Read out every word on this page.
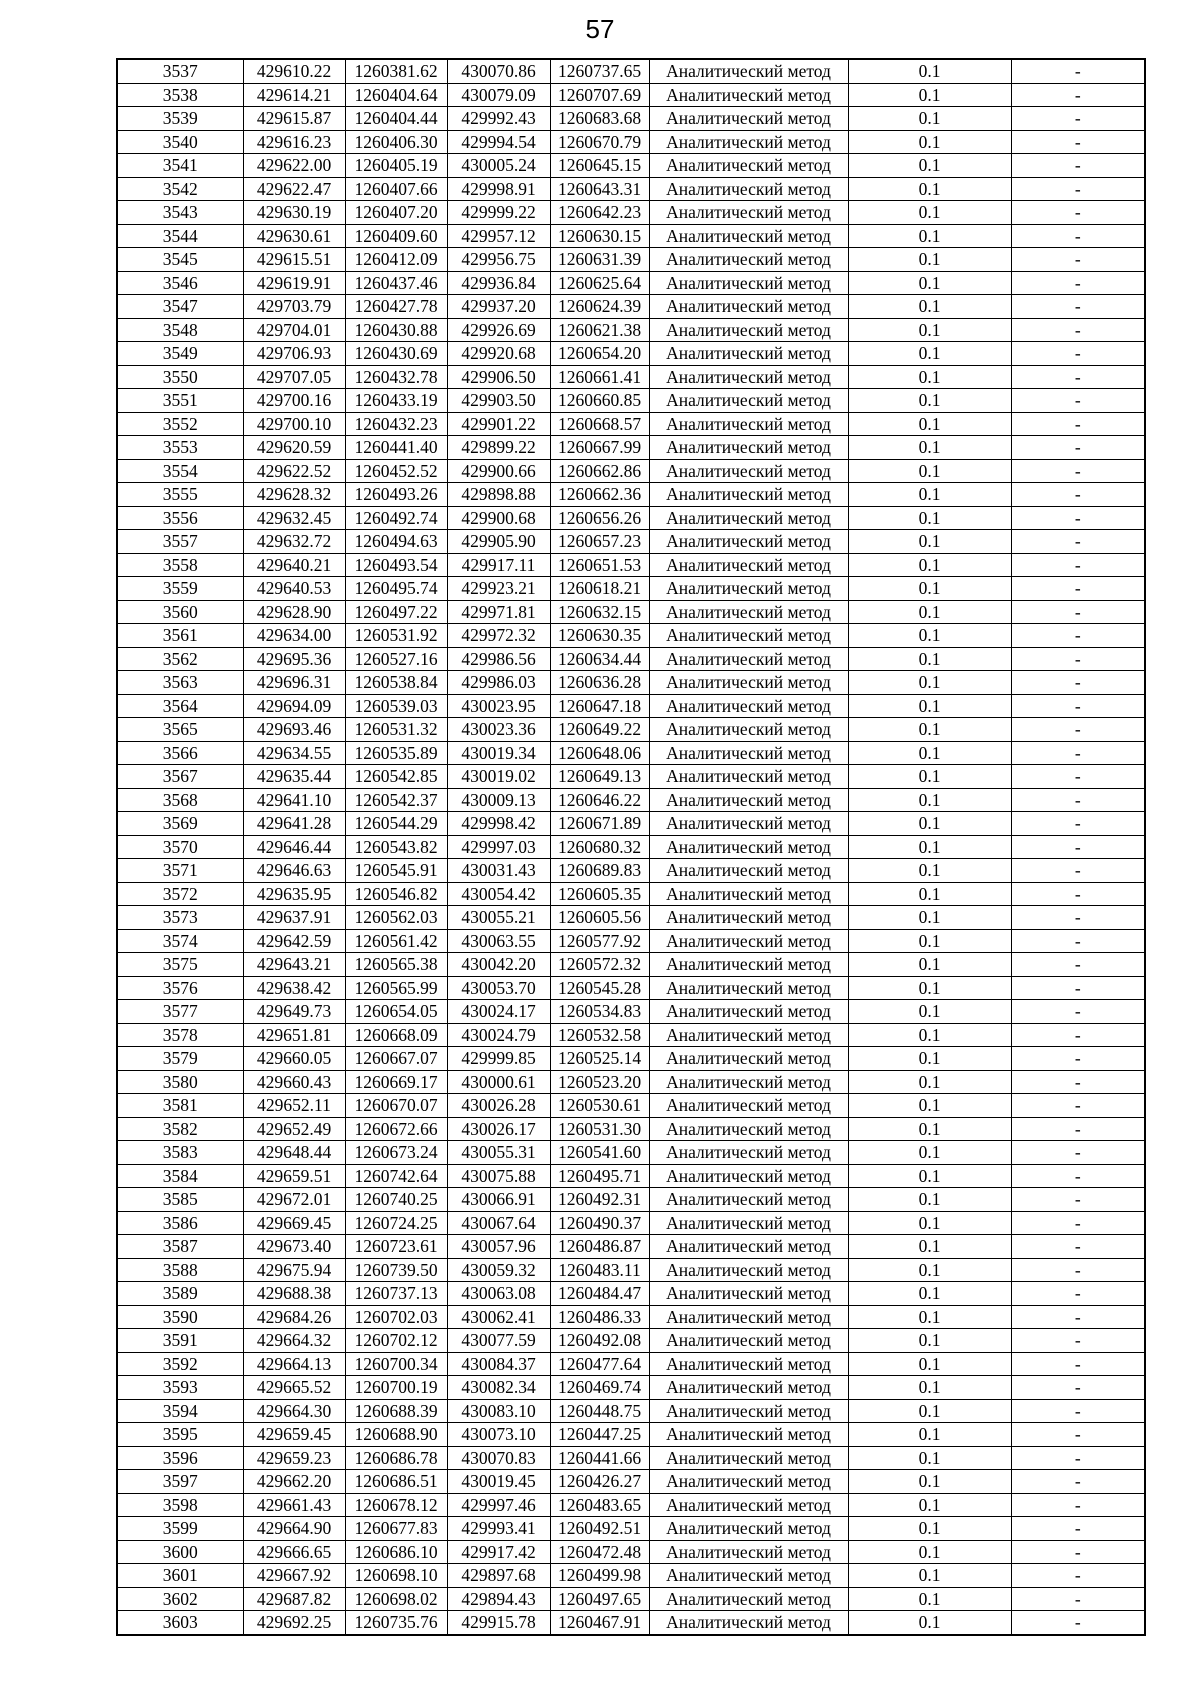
57
3537	429610.22	1260381.62	430070.86	1260737.65	Аналитический метод	0.1	-
3538	429614.21	1260404.64	430079.09	1260707.69	Аналитический метод	0.1	-
3539	429615.87	1260404.44	429992.43	1260683.68	Аналитический метод	0.1	-
3540	429616.23	1260406.30	429994.54	1260670.79	Аналитический метод	0.1	-
3541	429622.00	1260405.19	430005.24	1260645.15	Аналитический метод	0.1	-
3542	429622.47	1260407.66	429998.91	1260643.31	Аналитический метод	0.1	-
3543	429630.19	1260407.20	429999.22	1260642.23	Аналитический метод	0.1	-
3544	429630.61	1260409.60	429957.12	1260630.15	Аналитический метод	0.1	-
3545	429615.51	1260412.09	429956.75	1260631.39	Аналитический метод	0.1	-
3546	429619.91	1260437.46	429936.84	1260625.64	Аналитический метод	0.1	-
3547	429703.79	1260427.78	429937.20	1260624.39	Аналитический метод	0.1	-
3548	429704.01	1260430.88	429926.69	1260621.38	Аналитический метод	0.1	-
3549	429706.93	1260430.69	429920.68	1260654.20	Аналитический метод	0.1	-
3550	429707.05	1260432.78	429906.50	1260661.41	Аналитический метод	0.1	-
3551	429700.16	1260433.19	429903.50	1260660.85	Аналитический метод	0.1	-
3552	429700.10	1260432.23	429901.22	1260668.57	Аналитический метод	0.1	-
3553	429620.59	1260441.40	429899.22	1260667.99	Аналитический метод	0.1	-
3554	429622.52	1260452.52	429900.66	1260662.86	Аналитический метод	0.1	-
3555	429628.32	1260493.26	429898.88	1260662.36	Аналитический метод	0.1	-
3556	429632.45	1260492.74	429900.68	1260656.26	Аналитический метод	0.1	-
3557	429632.72	1260494.63	429905.90	1260657.23	Аналитический метод	0.1	-
3558	429640.21	1260493.54	429917.11	1260651.53	Аналитический метод	0.1	-
3559	429640.53	1260495.74	429923.21	1260618.21	Аналитический метод	0.1	-
3560	429628.90	1260497.22	429971.81	1260632.15	Аналитический метод	0.1	-
3561	429634.00	1260531.92	429972.32	1260630.35	Аналитический метод	0.1	-
3562	429695.36	1260527.16	429986.56	1260634.44	Аналитический метод	0.1	-
3563	429696.31	1260538.84	429986.03	1260636.28	Аналитический метод	0.1	-
3564	429694.09	1260539.03	430023.95	1260647.18	Аналитический метод	0.1	-
3565	429693.46	1260531.32	430023.36	1260649.22	Аналитический метод	0.1	-
3566	429634.55	1260535.89	430019.34	1260648.06	Аналитический метод	0.1	-
3567	429635.44	1260542.85	430019.02	1260649.13	Аналитический метод	0.1	-
3568	429641.10	1260542.37	430009.13	1260646.22	Аналитический метод	0.1	-
3569	429641.28	1260544.29	429998.42	1260671.89	Аналитический метод	0.1	-
3570	429646.44	1260543.82	429997.03	1260680.32	Аналитический метод	0.1	-
3571	429646.63	1260545.91	430031.43	1260689.83	Аналитический метод	0.1	-
3572	429635.95	1260546.82	430054.42	1260605.35	Аналитический метод	0.1	-
3573	429637.91	1260562.03	430055.21	1260605.56	Аналитический метод	0.1	-
3574	429642.59	1260561.42	430063.55	1260577.92	Аналитический метод	0.1	-
3575	429643.21	1260565.38	430042.20	1260572.32	Аналитический метод	0.1	-
3576	429638.42	1260565.99	430053.70	1260545.28	Аналитический метод	0.1	-
3577	429649.73	1260654.05	430024.17	1260534.83	Аналитический метод	0.1	-
3578	429651.81	1260668.09	430024.79	1260532.58	Аналитический метод	0.1	-
3579	429660.05	1260667.07	429999.85	1260525.14	Аналитический метод	0.1	-
3580	429660.43	1260669.17	430000.61	1260523.20	Аналитический метод	0.1	-
3581	429652.11	1260670.07	430026.28	1260530.61	Аналитический метод	0.1	-
3582	429652.49	1260672.66	430026.17	1260531.30	Аналитический метод	0.1	-
3583	429648.44	1260673.24	430055.31	1260541.60	Аналитический метод	0.1	-
3584	429659.51	1260742.64	430075.88	1260495.71	Аналитический метод	0.1	-
3585	429672.01	1260740.25	430066.91	1260492.31	Аналитический метод	0.1	-
3586	429669.45	1260724.25	430067.64	1260490.37	Аналитический метод	0.1	-
3587	429673.40	1260723.61	430057.96	1260486.87	Аналитический метод	0.1	-
3588	429675.94	1260739.50	430059.32	1260483.11	Аналитический метод	0.1	-
3589	429688.38	1260737.13	430063.08	1260484.47	Аналитический метод	0.1	-
3590	429684.26	1260702.03	430062.41	1260486.33	Аналитический метод	0.1	-
3591	429664.32	1260702.12	430077.59	1260492.08	Аналитический метод	0.1	-
3592	429664.13	1260700.34	430084.37	1260477.64	Аналитический метод	0.1	-
3593	429665.52	1260700.19	430082.34	1260469.74	Аналитический метод	0.1	-
3594	429664.30	1260688.39	430083.10	1260448.75	Аналитический метод	0.1	-
3595	429659.45	1260688.90	430073.10	1260447.25	Аналитический метод	0.1	-
3596	429659.23	1260686.78	430070.83	1260441.66	Аналитический метод	0.1	-
3597	429662.20	1260686.51	430019.45	1260426.27	Аналитический метод	0.1	-
3598	429661.43	1260678.12	429997.46	1260483.65	Аналитический метод	0.1	-
3599	429664.90	1260677.83	429993.41	1260492.51	Аналитический метод	0.1	-
3600	429666.65	1260686.10	429917.42	1260472.48	Аналитический метод	0.1	-
3601	429667.92	1260698.10	429897.68	1260499.98	Аналитический метод	0.1	-
3602	429687.82	1260698.02	429894.43	1260497.65	Аналитический метод	0.1	-
3603	429692.25	1260735.76	429915.78	1260467.91	Аналитический метод	0.1	-
